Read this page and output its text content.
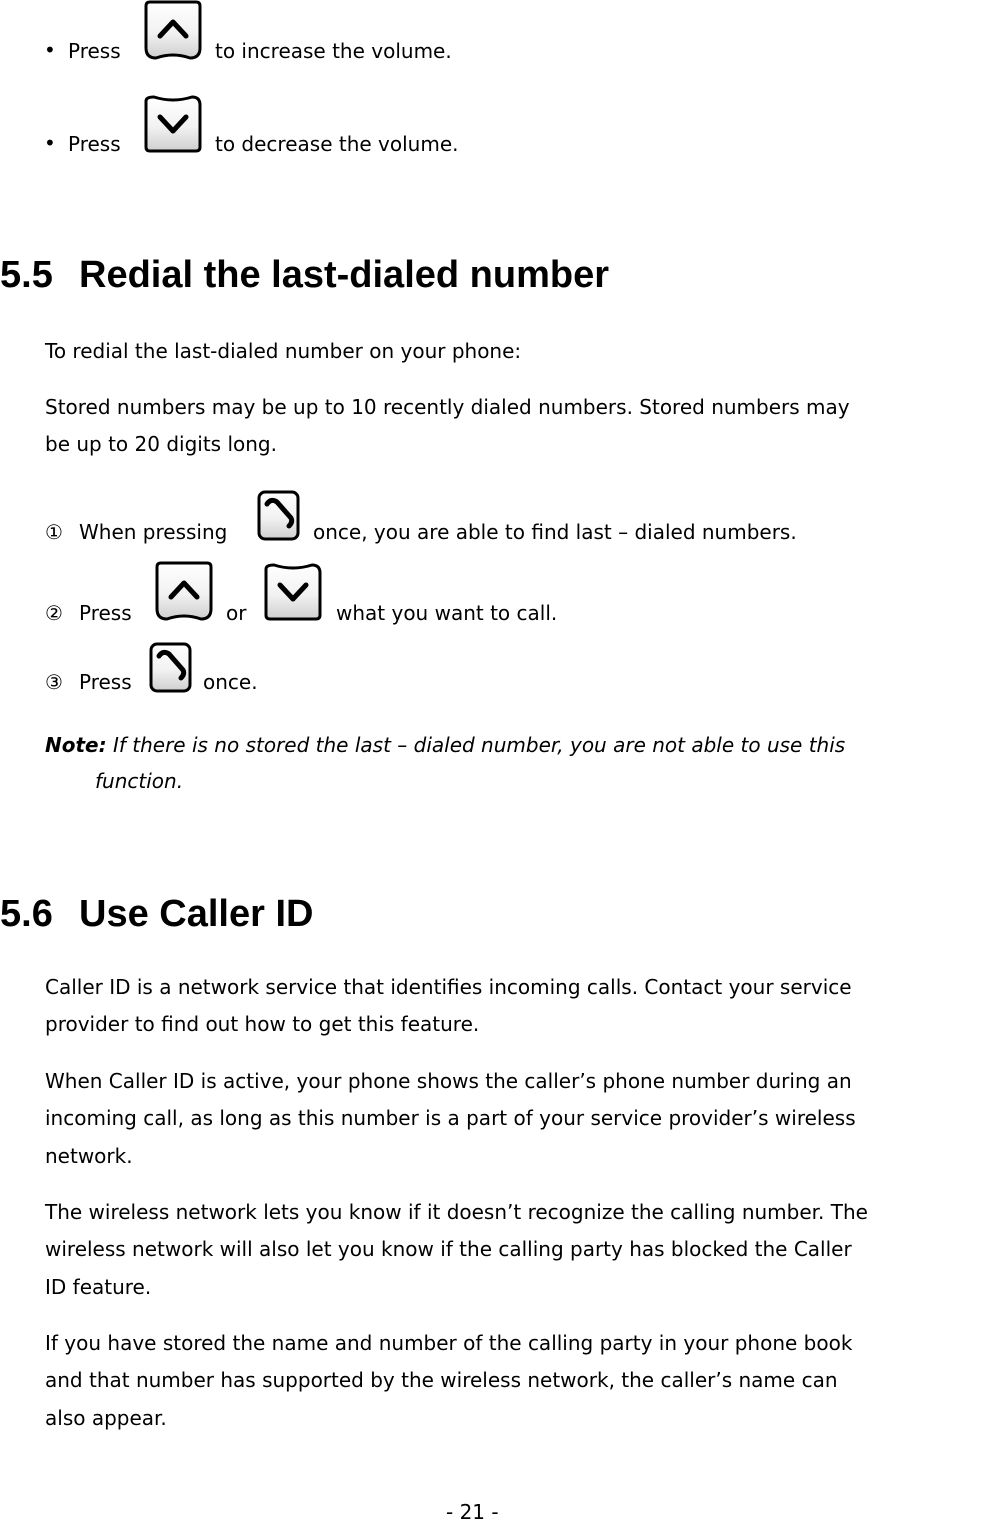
• Press	to increase the volume.
• Press	to decrease the volume.
5.5 Redial the last-dialed number
To redial the last-dialed number on your phone:
Stored numbers may be up to 10 recently dialed numbers. Stored numbers may
be up to 20 digits long.
① When pressing	once, you are able to find last – dialed numbers.
② Press	or	what you want to call.
③ Press	once.
Note: If there is no stored the last – dialed number, you are not able to use this
function.
5.6 Use Caller ID
Caller ID is a network service that identifies incoming calls. Contact your service
provider to find out how to get this feature.
When Caller ID is active, your phone shows the caller’s phone number during an
incoming call, as long as this number is a part of your service provider’s wireless
network.
The wireless network lets you know if it doesn’t recognize the calling number. The
wireless network will also let you know if the calling party has blocked the Caller
ID feature.
If you have stored the name and number of the calling party in your phone book
and that number has supported by the wireless network, the caller’s name can
also appear.
- 21 -
